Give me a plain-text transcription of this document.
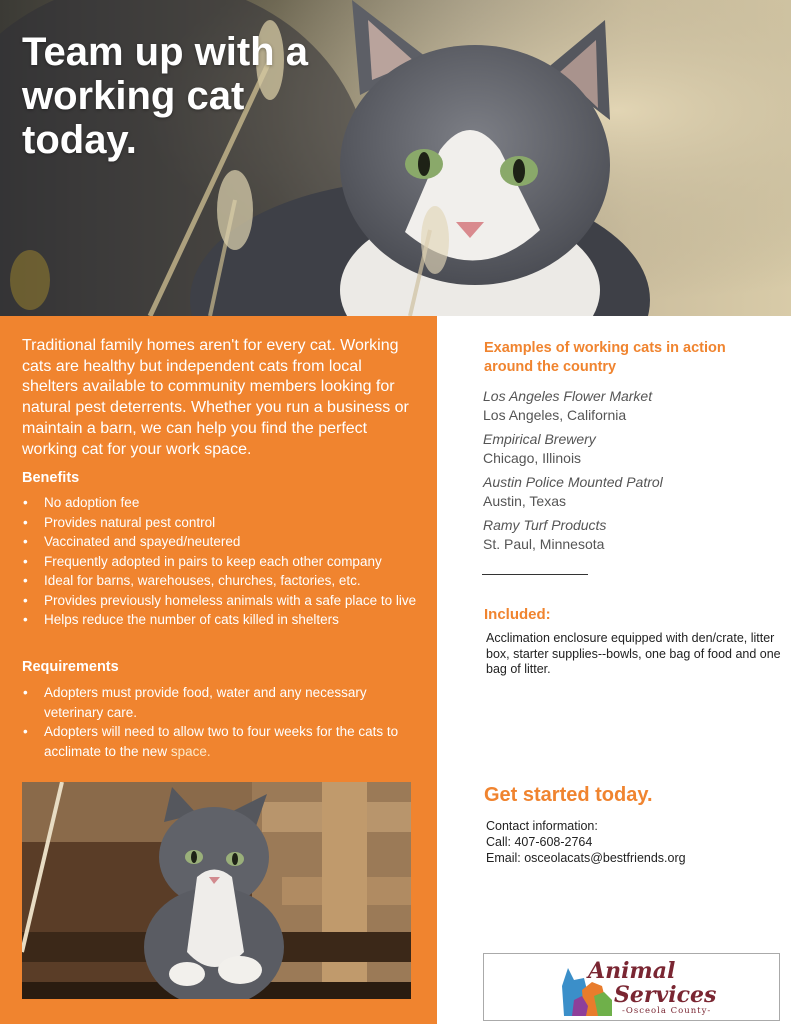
Team up with a working cat today.

Traditional family homes aren't for every cat. Working cats are healthy but independent cats from local shelters available to community members looking for natural pest deterrents. Whether you run a business or maintain a barn, we can help you find the perfect working cat for your work space.

Benefits
• No adoption fee
• Provides natural pest control
• Vaccinated and spayed/neutered
• Frequently adopted in pairs to keep each other company
• Ideal for barns, warehouses, churches, factories, etc.
• Provides previously homeless animals with a safe place to live
• Helps reduce the number of cats killed in shelters
Requirements
• Adopters must provide food, water and any necessary veterinary care.
• Adopters will need to allow two to four weeks for the cats to acclimate to the new space.
Examples of working cats in action around the country
Los Angeles Flower Market
Los Angeles, California
Empirical Brewery
Chicago, Illinois
Austin Police Mounted Patrol
Austin, Texas
Ramy Turf Products
St. Paul, Minnesota
Included:

Acclimation enclosure equipped with den/crate, litter box, starter supplies--bowls, one bag of food and one bag of litter.

Get started today.
Contact information:
Call: 407-608-2764
Email: osceolacats@bestfriends.org
Animal
Services
-Osceola County-
